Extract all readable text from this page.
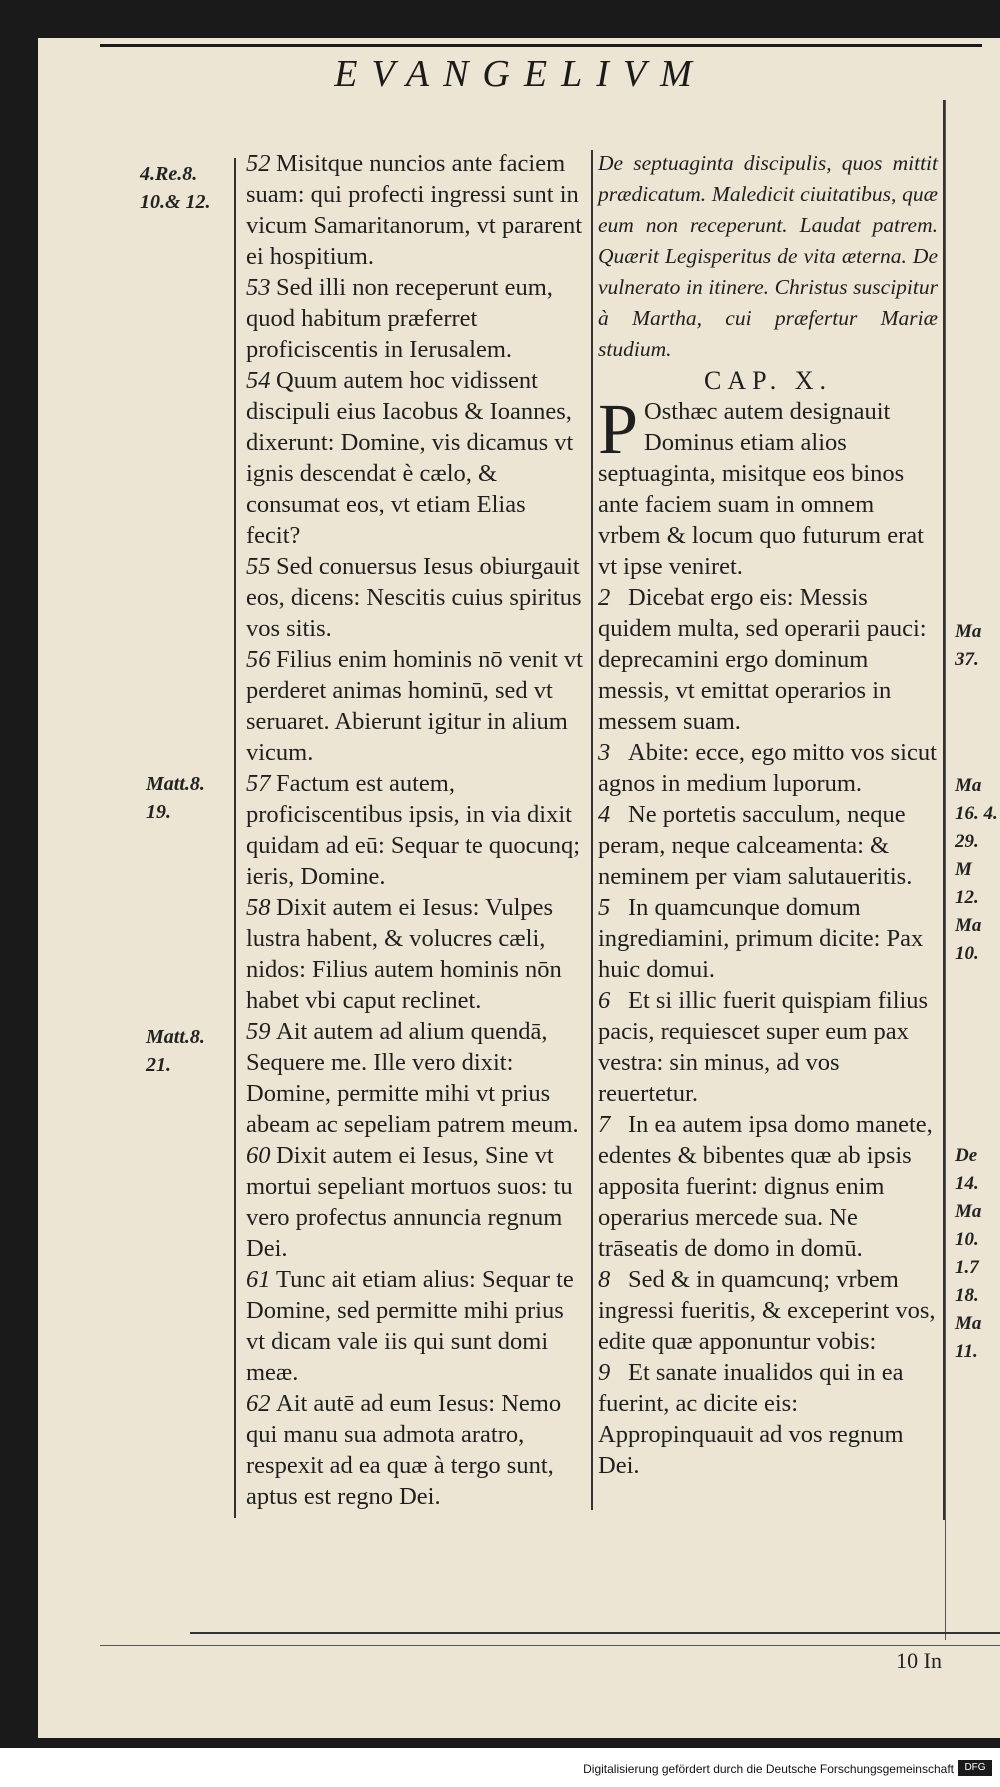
EVANGELIVM
4.Re.8. 10.& 12.
Matt.8. 19.
Matt.8. 21.

52 Misitque nuncios ante faciem suam: qui profecti ingressi sunt in vicum Samaritanorum, vt pararent ei hospitium.

53 Sed illi non receperunt eum, quod habitum præferret proficiscentis in Ierusalem.

54 Quum autem hoc vidissent discipuli eius Iacobus & Ioannes, dixerunt: Domine, vis dicamus vt ignis descendat è cælo, & consumat eos, vt etiam Elias fecit?

55 Sed conuersus Iesus obiurgauit eos, dicens: Nescitis cuius spiritus vos sitis.

56 Filius enim hominis nō venit vt perderet animas hominū, sed vt seruaret. Abierunt igitur in alium vicum.

57 Factum est autem, proficiscentibus ipsis, in via dixit quidam ad eū: Sequar te quocunq; ieris, Domine.

58 Dixit autem ei Iesus: Vulpes lustra habent, & volucres cæli, nidos: Filius autem hominis nōn habet vbi caput reclinet.

59 Ait autem ad alium quendā, Sequere me. Ille vero dixit: Domine, permitte mihi vt prius abeam ac sepeliam patrem meum.

60 Dixit autem ei Iesus, Sine vt mortui sepeliant mortuos suos: tu vero profectus annuncia regnum Dei.

61 Tunc ait etiam alius: Sequar te Domine, sed permitte mihi prius vt dicam vale iis qui sunt domi meæ.

62 Ait autē ad eum Iesus: Nemo qui manu sua admota aratro, respexit ad ea quæ à tergo sunt, aptus est regno Dei.

De septuaginta discipulis, quos mittit prædicatum. Maledicit ciuitatibus, quæ eum non receperunt. Laudat patrem. Quærit Legisperitus de vita æterna. De vulnerato in itinere. Christus suscipitur à Martha, cui præfertur Mariæ studium.

CAP. X.

P Osthæc autem designauit Dominus etiam alios septuaginta, misitque eos binos ante faciem suam in omnem vrbem & locum quo futurum erat vt ipse veniret.

2 Dicebat ergo eis: Messis quidem multa, sed operarii pauci: deprecamini ergo dominum messis, vt emittat operarios in messem suam.

3 Abite: ecce, ego mitto vos sicut agnos in medium luporum.

4 Ne portetis sacculum, neque peram, neque calceamenta: & neminem per viam salutaueritis.

5 In quamcunque domum ingrediamini, primum dicite: Pax huic domui.

6 Et si illic fuerit quispiam filius pacis, requiescet super eum pax vestra: sin minus, ad vos reuertetur.

7 In ea autem ipsa domo manete, edentes & bibentes quæ ab ipsis apposita fuerint: dignus enim operarius mercede sua. Ne trāseatis de domo in domū.

8 Sed & in quamcunq; vrbem ingressi fueritis, & exceperint vos, edite quæ apponuntur vobis:

9 Et sanate inualidos qui in ea fuerint, ac dicite eis: Appropinquauit ad vos regnum Dei.

Ma 37.
Ma 16. 4. 29. M 12. Ma 10.
De 14. Ma 10. 1.7 18. Ma 11.
10 In
Digitalisierung gefördert durch die Deutsche Forschungsgemeinschaft	DFG
